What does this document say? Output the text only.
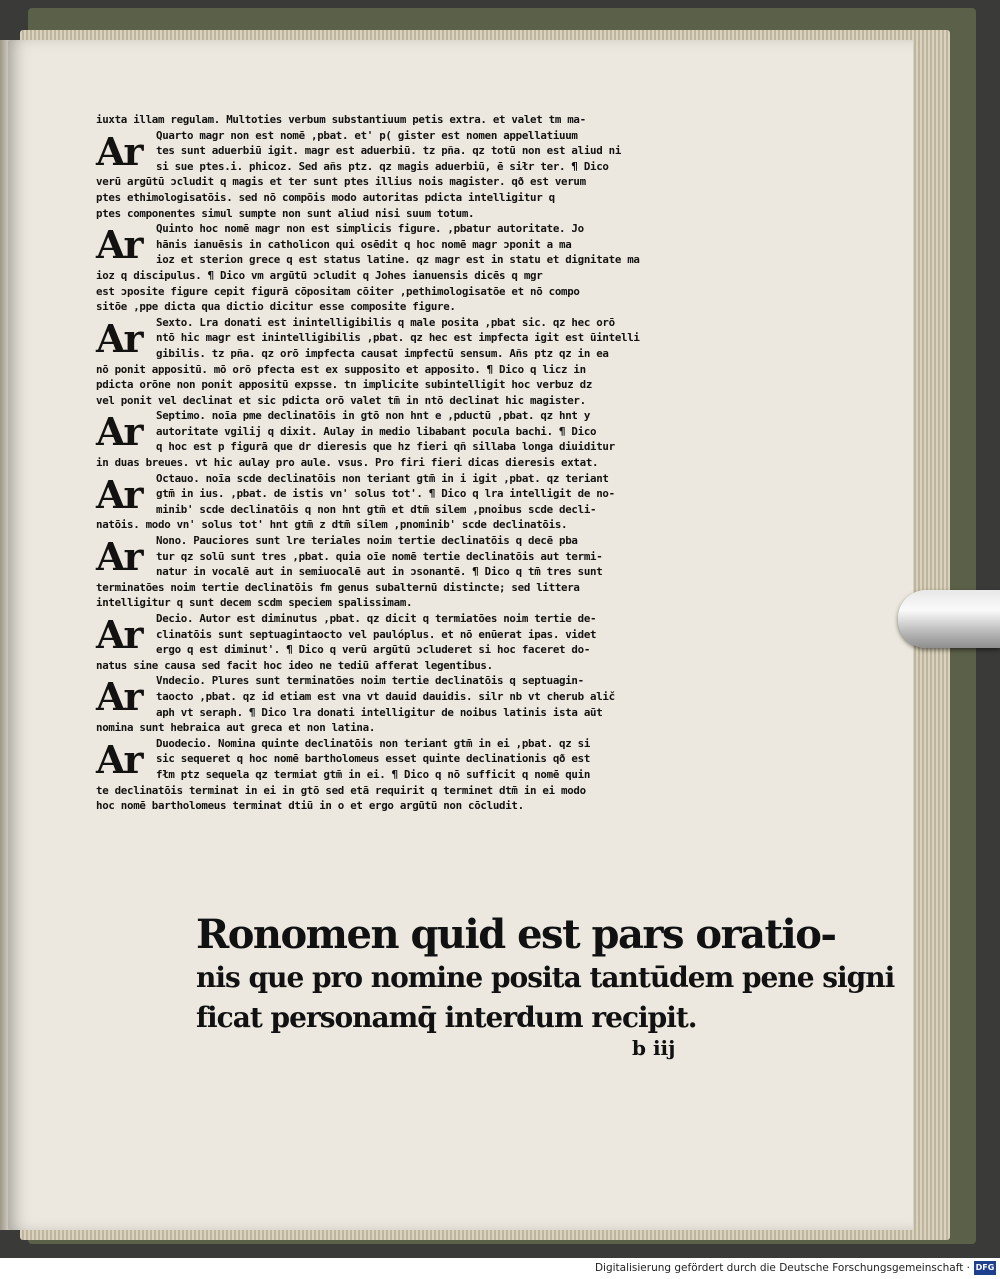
iuxta illam regulam. Multoties verbum substantiuum petis extra. et valet tm ma-
Ar	Quarto magr non est nomē ,pbat. et' p( gister est nomen appellatiuum
tes sunt aduerbiū igit. magr est aduerbiū. tz pña. qz totū non est aliud ni
si sue ptes.i. phicoz. Sed añs ptz. qz magis aduerbiū, ē siłr ter. ¶ Dico
verū argūtū ɔcludit q magis et ter sunt ptes illius nois magister. qð est verum
ptes ethimologisatōis. sed nō compōis modo autoritas pdicta intelligitur q
ptes componentes simul sumpte non sunt aliud nisi suum totum.
Ar	Quinto hoc nomē magr non est simplicis figure. ,pbatur autoritate. Jo
hānis ianuēsis in catholicon qui osēdit q hoc nomē magr ɔponit a ma
ioz et sterion grece q est status latine. qz magr est in statu et dignitate ma
ioz q discipulus. ¶ Dico vm argūtū ɔcludit q Johes ianuensis dicēs q mgr
est ɔposite figure cepit figurā cōpositam cōiter ,pethimologisatōe et nō compo
sitōe ,ppe dicta qua dictio dicitur esse composite figure.
Ar	Sexto. Lra donati est inintelligibilis q male posita ,pbat sic. qz hec orō
ntō hic magr est inintelligibilis ,pbat. qz hec est impfecta igit est ūintelli
gibilis. tz pña. qz orō impfecta causat impfectū sensum. Añs ptz qz in ea
nō ponit appositū. mō orō pfecta est ex supposito et apposito. ¶ Dico q licz in
pdicta orōne non ponit appositū expsse. tn implicite subintelligit hoc verbuz dz
vel ponit vel declinat et sic pdicta orō valet tm̄ in ntō declinat hic magister.
Ar	Septimo. noīa pme declinatōis in gtō non hnt e ,pductū ,pbat. qz hnt y
autoritate vgilij q dixit. Aulay in medio libabant pocula bachi. ¶ Dico
q hoc est p figurā que dr dieresis que hz fieri qñ sillaba longa diuiditur
in duas breues. vt hic aulay pro aule. vsus. Pro firi fieri dicas dieresis extat.
Ar	Octauo. noīa scde declinatōis non teriant gtm̄ in i igit ,pbat. qz teriant
gtm̄ in ius. ,pbat. de istis vn' solus tot'. ¶ Dico q lra intelligit de no-
minib' scde declinatōis q non hnt gtm̄ et dtm̄ silem ,pnoibus scde decli-
natōis. modo vn' solus tot' hnt gtm̄ z dtm̄ silem ,pnominib' scde declinatōis.
Ar	Nono. Pauciores sunt lre teriales noim tertie declinatōis q decē pba
tur qz solū sunt tres ,pbat. quia oīe nomē tertie declinatōis aut termi-
natur in vocalē aut in semiuocalē aut in ɔsonantē. ¶ Dico q tm̄ tres sunt
terminatōes noim tertie declinatōis fm genus subalternū distincte; sed littera
intelligitur q sunt decem scdm speciem spalissimam.
Ar	Decio. Autor est diminutus ,pbat. qz dicit q termiatōes noim tertie de-
clinatōis sunt septuagintaocto vel paulóplus. et nō enūerat ipas. videt
ergo q est diminut'. ¶ Dico q verū argūtū ɔcluderet si hoc faceret do-
natus sine causa sed facit hoc ideo ne tediū afferat legentibus.
Ar	Vndecio. Plures sunt terminatōes noim tertie declinatōis q septuagin-
taocto ,pbat. qz id etiam est vna vt dauid dauidis. silr nb vt cherub alič
aph vt seraph. ¶ Dico lra donati intelligitur de noibus latinis ista aūt
nomina sunt hebraica aut greca et non latina.
Ar	Duodecio. Nomina quinte declinatōis non teriant gtm̄ in ei ,pbat. qz si
sic sequeret q hoc nomē bartholomeus esset quinte declinationis qð est
fłm ptz sequela qz termiat gtm̄ in ei. ¶ Dico q nō sufficit q nomē quin
te declinatōis terminat in ei in gtō sed etā requirit q terminet dtm̄ in ei modo
hoc nomē bartholomeus terminat dtiū in o et ergo argūtū non cōcludit.
Ronomen quid est pars oratio-
nis que pro nomine posita tantūdem pene signi
ficat personamq̄ interdum recipit.
b iij
Digitalisierung gefördert durch die Deutsche Forschungsgemeinschaft · DFG
